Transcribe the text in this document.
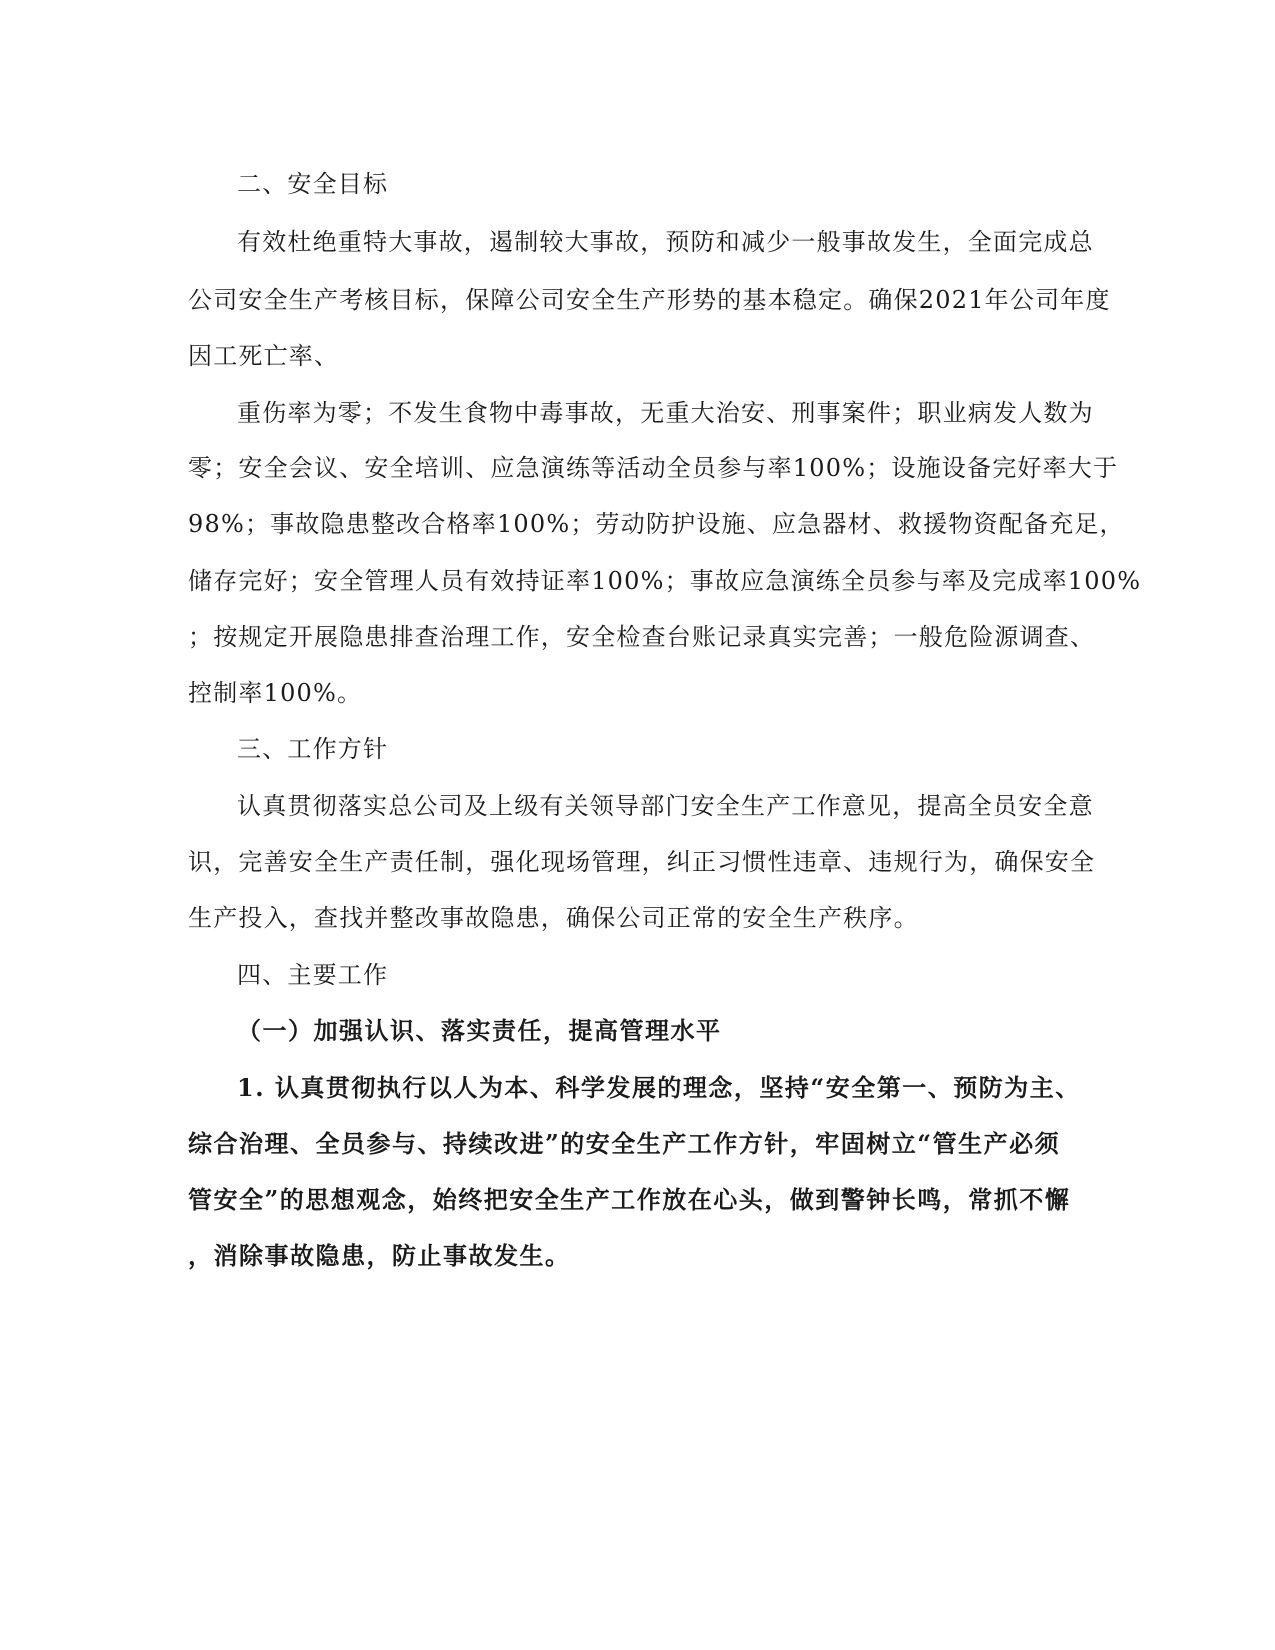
二、安全目标

有效杜绝重特大事故，遏制较大事故，预防和减少一般事故发生，全面完成总

公司安全生产考核目标，保障公司安全生产形势的基本稳定。确保2021年公司年度

因工死亡率、

重伤率为零；不发生食物中毒事故，无重大治安、刑事案件；职业病发人数为

零；安全会议、安全培训、应急演练等活动全员参与率100%；设施设备完好率大于

98%；事故隐患整改合格率100%；劳动防护设施、应急器材、救援物资配备充足，

储存完好；安全管理人员有效持证率100%；事故应急演练全员参与率及完成率100%

；按规定开展隐患排查治理工作，安全检查台账记录真实完善；一般危险源调查、

控制率100%。

三、工作方针

认真贯彻落实总公司及上级有关领导部门安全生产工作意见，提高全员安全意

识，完善安全生产责任制，强化现场管理，纠正习惯性违章、违规行为，确保安全

生产投入，查找并整改事故隐患，确保公司正常的安全生产秩序。

四、主要工作

（一）加强认识、落实责任，提高管理水平

1. 认真贯彻执行以人为本、科学发展的理念，坚持“安全第一、预防为主、

综合治理、全员参与、持续改进”的安全生产工作方针，牢固树立“管生产必须

管安全”的思想观念，始终把安全生产工作放在心头，做到警钟长鸣，常抓不懈

，消除事故隐患，防止事故发生。
